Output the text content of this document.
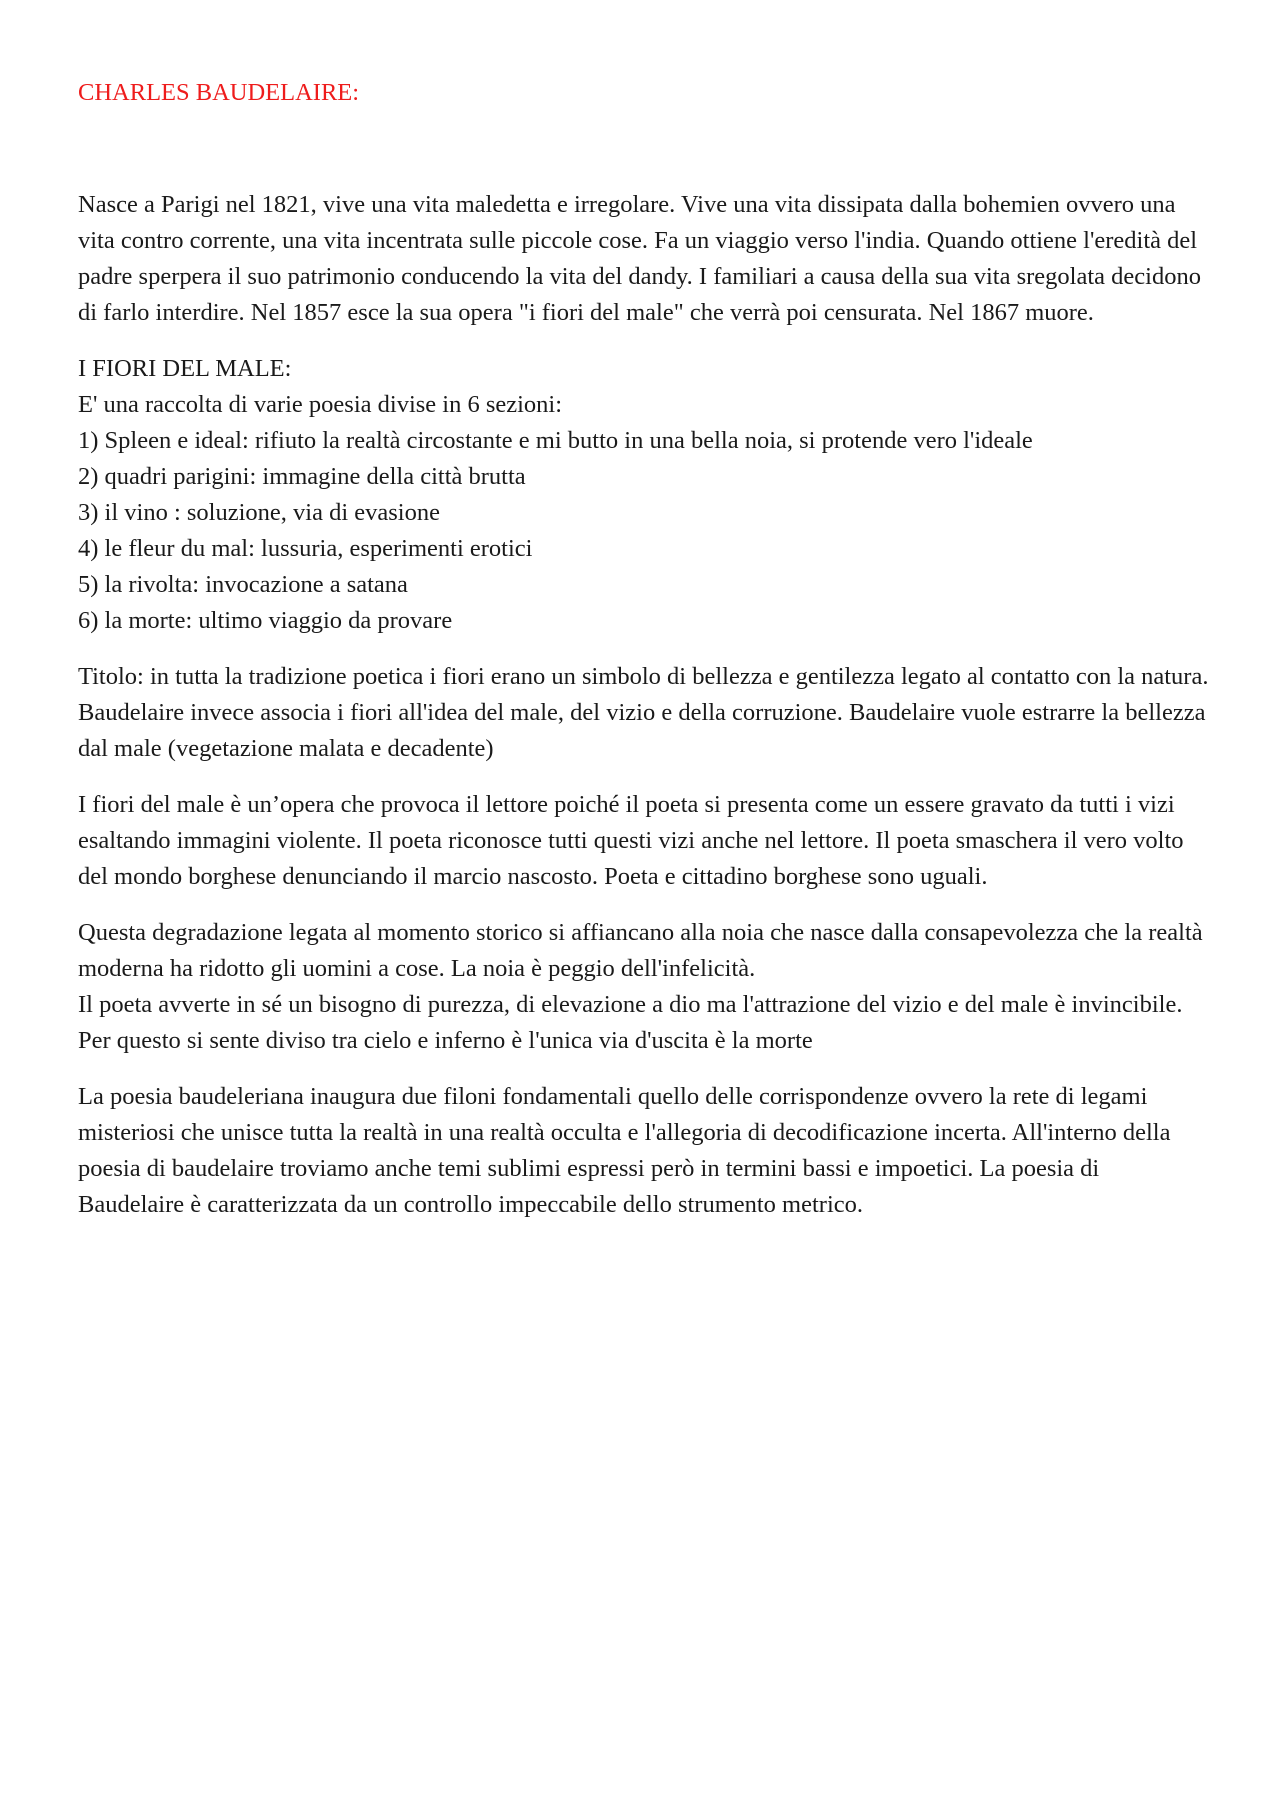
CHARLES BAUDELAIRE:

Nasce a Parigi nel 1821, vive una vita maledetta e irregolare. Vive una vita dissipata dalla bohemien ovvero una vita contro corrente, una vita incentrata sulle piccole cose. Fa un viaggio verso l'india. Quando ottiene l'eredità del padre sperpera il suo patrimonio conducendo la vita del dandy. I familiari a causa della sua vita sregolata decidono di farlo interdire. Nel 1857 esce la sua opera "i fiori del male" che verrà poi censurata. Nel 1867 muore.

I FIORI DEL MALE:
E' una raccolta di varie poesia divise in 6 sezioni:
1) Spleen e ideal: rifiuto la realtà circostante e mi butto in una bella noia, si protende vero l'ideale
2) quadri parigini: immagine della città brutta
3) il vino : soluzione, via di evasione
4) le fleur du mal: lussuria, esperimenti erotici
5) la rivolta: invocazione a satana
6) la morte: ultimo viaggio da provare

Titolo: in tutta la tradizione poetica i fiori erano un simbolo di bellezza e gentilezza legato al contatto con la natura. Baudelaire invece associa i fiori all'idea del male, del vizio e della corruzione. Baudelaire vuole estrarre la bellezza dal male (vegetazione malata e decadente)

I fiori del male è un’opera che provoca il lettore poiché il poeta si presenta come un essere gravato da tutti i vizi esaltando immagini violente. Il poeta riconosce tutti questi vizi anche nel lettore. Il poeta smaschera il vero volto del mondo borghese denunciando il marcio nascosto. Poeta e cittadino borghese sono uguali.

Questa degradazione legata al momento storico si affiancano alla noia che nasce dalla consapevolezza che la realtà moderna ha ridotto gli uomini a cose. La noia è peggio dell'infelicità.
Il poeta avverte in sé un bisogno di purezza, di elevazione a dio ma l'attrazione del vizio e del male è invincibile. Per questo si sente diviso tra cielo e inferno è l'unica via d'uscita è la morte

La poesia baudeleriana inaugura due filoni fondamentali quello delle corrispondenze ovvero la rete di legami misteriosi che unisce tutta la realtà in una realtà occulta e l'allegoria di decodificazione incerta. All'interno della poesia di baudelaire troviamo anche temi sublimi espressi però in termini bassi e impoetici. La poesia di Baudelaire è caratterizzata da un controllo impeccabile dello strumento metrico.
